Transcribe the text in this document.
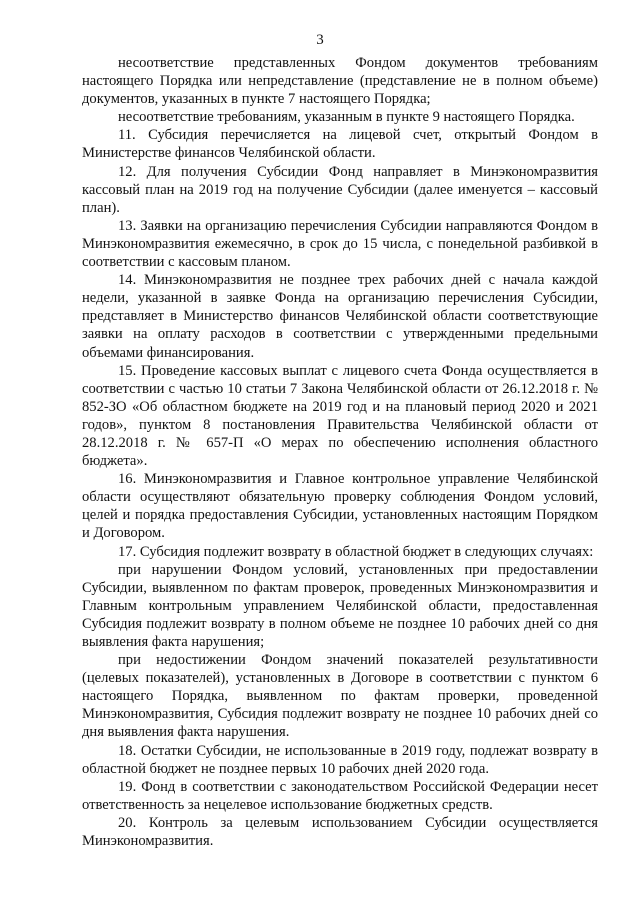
3

несоответствие представленных Фондом документов требованиям настоящего Порядка или непредставление (представление не в полном объеме) документов, указанных в пункте 7 настоящего Порядка;

несоответствие требованиям, указанным в пункте 9 настоящего Порядка.

11. Субсидия перечисляется на лицевой счет, открытый Фондом в Министерстве финансов Челябинской области.

12. Для получения Субсидии Фонд направляет в Минэкономразвития кассовый план на 2019 год на получение Субсидии (далее именуется – кассовый план).

13. Заявки на организацию перечисления Субсидии направляются Фондом в Минэкономразвития ежемесячно, в срок до 15 числа, с понедельной разбивкой в соответствии с кассовым планом.

14. Минэкономразвития не позднее трех рабочих дней с начала каждой недели, указанной в заявке Фонда на организацию перечисления Субсидии, представляет в Министерство финансов Челябинской области соответствующие заявки на оплату расходов в соответствии с утвержденными предельными объемами финансирования.

15. Проведение кассовых выплат с лицевого счета Фонда осуществляется в соответствии с частью 10 статьи 7 Закона Челябинской области от 26.12.2018 г. № 852-ЗО «Об областном бюджете на 2019 год и на плановый период 2020 и 2021 годов», пунктом 8 постановления Правительства Челябинской области от 28.12.2018 г. № 657-П «О мерах по обеспечению исполнения областного бюджета».

16. Минэкономразвития и Главное контрольное управление Челябинской области осуществляют обязательную проверку соблюдения Фондом условий, целей и порядка предоставления Субсидии, установленных настоящим Порядком и Договором.

17. Субсидия подлежит возврату в областной бюджет в следующих случаях:

при нарушении Фондом условий, установленных при предоставлении Субсидии, выявленном по фактам проверок, проведенных Минэкономразвития и Главным контрольным управлением Челябинской области, предоставленная Субсидия подлежит возврату в полном объеме не позднее 10 рабочих дней со дня выявления факта нарушения;

при недостижении Фондом значений показателей результативности (целевых показателей), установленных в Договоре в соответствии с пунктом 6 настоящего Порядка, выявленном по фактам проверки, проведенной Минэкономразвития, Субсидия подлежит возврату не позднее 10 рабочих дней со дня выявления факта нарушения.

18. Остатки Субсидии, не использованные в 2019 году, подлежат возврату в областной бюджет не позднее первых 10 рабочих дней 2020 года.

19. Фонд в соответствии с законодательством Российской Федерации несет ответственность за нецелевое использование бюджетных средств.

20. Контроль за целевым использованием Субсидии осуществляется Минэкономразвития.
